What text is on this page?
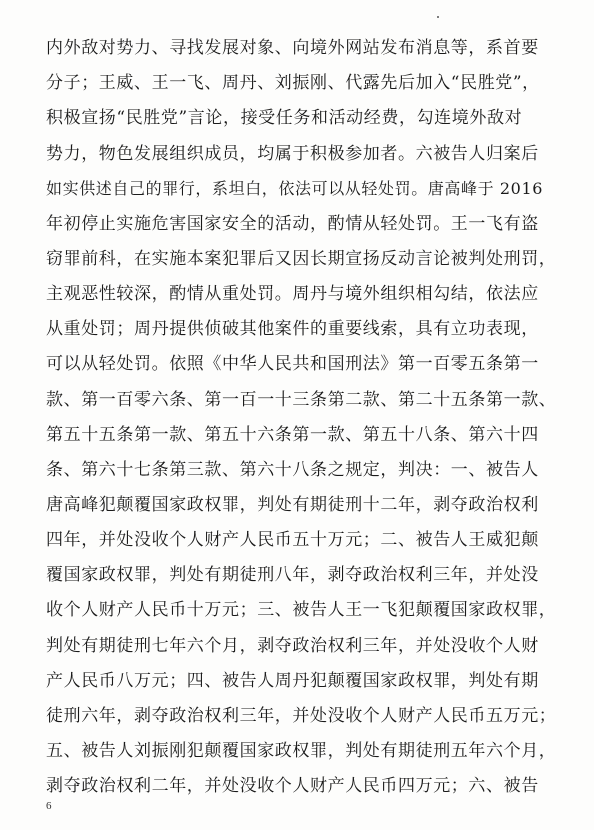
内外敌对势力、寻找发展对象、向境外网站发布消息等，系首要
分子；王威、王一飞、周丹、刘振刚、代露先后加入“民胜党”，
积极宣扬“民胜党”言论，接受任务和活动经费，勾连境外敌对
势力，物色发展组织成员，均属于积极参加者。六被告人归案后
如实供述自己的罪行，系坦白，依法可以从轻处罚。唐高峰于 2016
年初停止实施危害国家安全的活动，酌情从轻处罚。王一飞有盗
窃罪前科，在实施本案犯罪后又因长期宣扬反动言论被判处刑罚，
主观恶性较深，酌情从重处罚。周丹与境外组织相勾结，依法应
从重处罚；周丹提供侦破其他案件的重要线索，具有立功表现，
可以从轻处罚。依照《中华人民共和国刑法》第一百零五条第一
款、第一百零六条、第一百一十三条第二款、第二十五条第一款、
第五十五条第一款、第五十六条第一款、第五十八条、第六十四
条、第六十七条第三款、第六十八条之规定，判决：一、被告人
唐高峰犯颠覆国家政权罪，判处有期徒刑十二年，剥夺政治权利
四年，并处没收个人财产人民币五十万元；二、被告人王威犯颠
覆国家政权罪，判处有期徒刑八年，剥夺政治权利三年，并处没
收个人财产人民币十万元；三、被告人王一飞犯颠覆国家政权罪，
判处有期徒刑七年六个月，剥夺政治权利三年，并处没收个人财
产人民币八万元；四、被告人周丹犯颠覆国家政权罪，判处有期
徒刑六年，剥夺政治权利三年，并处没收个人财产人民币五万元；
五、被告人刘振刚犯颠覆国家政权罪，判处有期徒刑五年六个月，
剥夺政治权利二年，并处没收个人财产人民币四万元；六、被告
6
